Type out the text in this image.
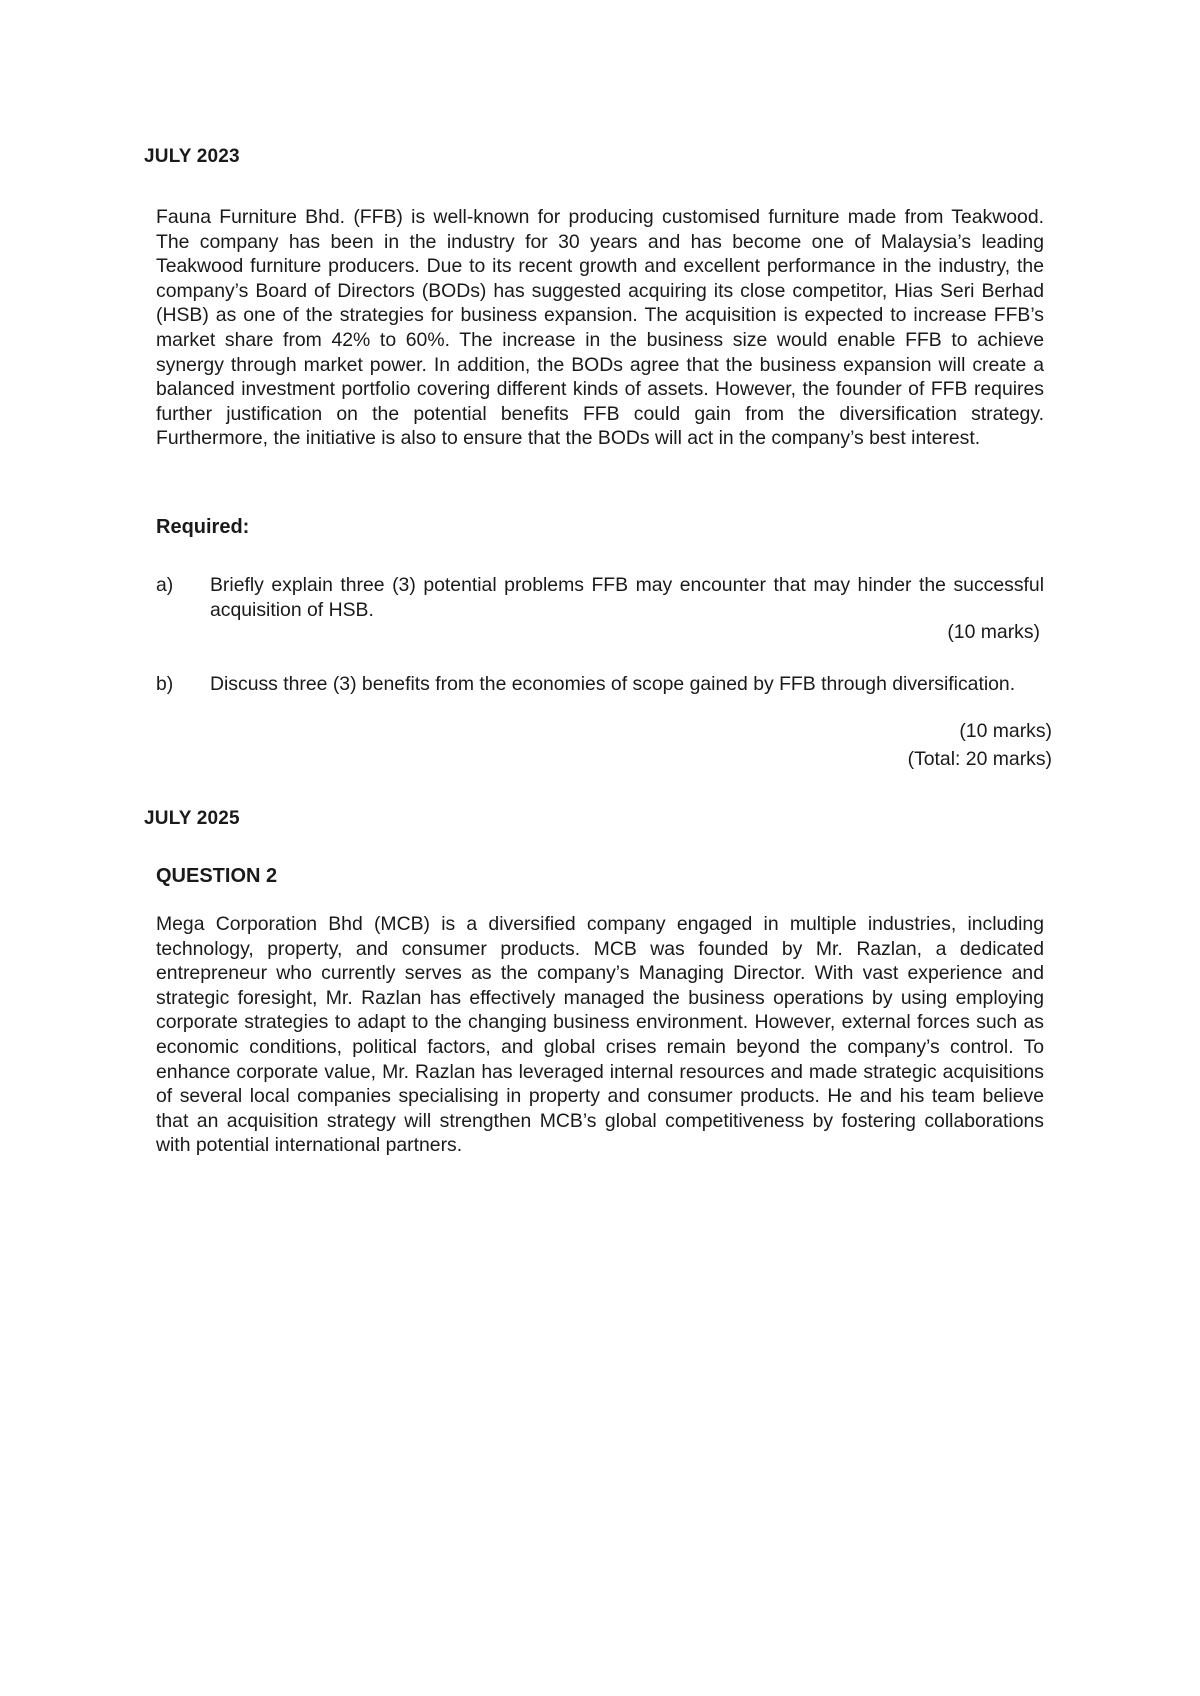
JULY 2023
Fauna Furniture Bhd. (FFB) is well-known for producing customised furniture made from Teakwood. The company has been in the industry for 30 years and has become one of Malaysia’s leading Teakwood furniture producers. Due to its recent growth and excellent performance in the industry, the company’s Board of Directors (BODs) has suggested acquiring its close competitor, Hias Seri Berhad (HSB) as one of the strategies for business expansion. The acquisition is expected to increase FFB’s market share from 42% to 60%. The increase in the business size would enable FFB to achieve synergy through market power. In addition, the BODs agree that the business expansion will create a balanced investment portfolio covering different kinds of assets. However, the founder of FFB requires further justification on the potential benefits FFB could gain from the diversification strategy. Furthermore, the initiative is also to ensure that the BODs will act in the company’s best interest.
Required:
a)	Briefly explain three (3) potential problems FFB may encounter that may hinder the successful acquisition of HSB.
(10 marks)
b)	Discuss three (3) benefits from the economies of scope gained by FFB through diversification.
(10 marks)
(Total: 20 marks)
JULY 2025
QUESTION 2
Mega Corporation Bhd (MCB) is a diversified company engaged in multiple industries, including technology, property, and consumer products. MCB was founded by Mr. Razlan, a dedicated entrepreneur who currently serves as the company’s Managing Director. With vast experience and strategic foresight, Mr. Razlan has effectively managed the business operations by using employing corporate strategies to adapt to the changing business environment. However, external forces such as economic conditions, political factors, and global crises remain beyond the company’s control. To enhance corporate value, Mr. Razlan has leveraged internal resources and made strategic acquisitions of several local companies specialising in property and consumer products. He and his team believe that an acquisition strategy will strengthen MCB’s global competitiveness by fostering collaborations with potential international partners.
